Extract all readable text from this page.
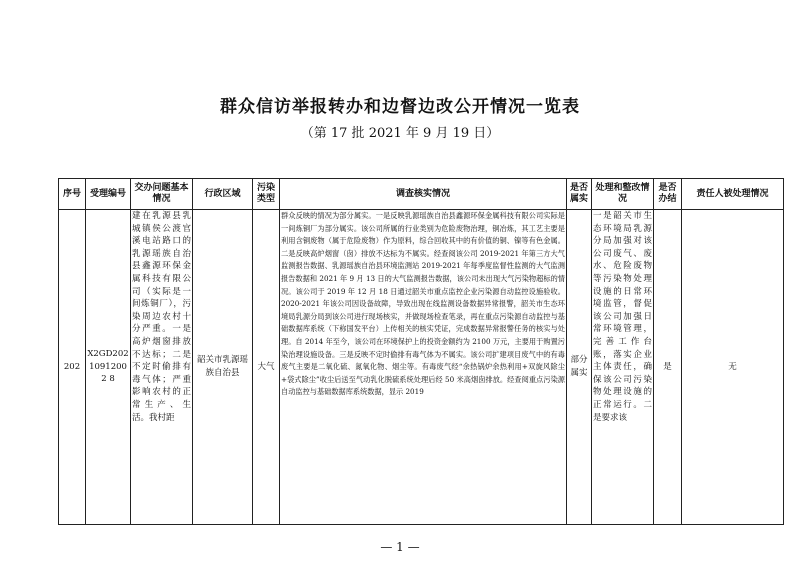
群众信访举报转办和边督边改公开情况一览表
（第 17 批 2021 年 9 月 19 日）
序号	受理编号	交办问题基本情况	行政区域	污染类型	调查核实情况	是否属实	处理和整改情况	是否办结	责任人被处理情况
202	X2GD20210912002 8	建在乳源县乳城镇侯公渡官溪电站路口的乳源瑶族自治县鑫源环保金属科技有限公司（实际是一间炼铜厂），污染周边农村十分严重。一是高炉烟窗排放不达标；二是不定时偷排有毒气体；严重影响农村的正常生产、生活。我村距	韶关市乳源瑶族自治县	大气	群众反映的情况为部分属实。一是反映乳源瑶族自治县鑫源环保金属科技有限公司实际是一间炼铜厂为部分属实。该公司所属的行业类别为危险废物治理，铜冶炼，其工艺主要是利用含铜废物（属于危险废物）作为原料，综合回收其中的有价值的铜、镍等有色金属。二是反映高炉烟窗（囱）排放不达标为不属实。经查阅该公司 2019-2021 年第三方大气监测报告数据、乳源瑶族自治县环境监测站 2019-2021 年每季度监督性监测的大气监测报告数据和 2021 年 9 月 13 日的大气监测报告数据，该公司未出现大气污染物超标的情况。该公司于 2019 年 12 月 18 日通过韶关市重点监控企业污染源自动监控设施验收。2020-2021 年该公司因设备故障，导致出现在线监测设备数据异常报警，韶关市生态环境局乳源分局到该公司进行现场核实，并做现场检查笔录，再在重点污染源自动监控与基础数据库系统（下称国发平台）上传相关的核实凭证，完成数据异常报警任务的核实与处理。自 2014 年至今，该公司在环境保护上的投资金额约为 2100 万元，主要用于购置污染治理设施设备。三是反映不定时偷排有毒气体为不属实。该公司扩建项目废气中的有毒废气主要是二氧化硫、氮氧化物、烟尘等。有毒废气经“余热锅炉余热利用+双旋风除尘+袋式除尘”收尘后送至气动乳化脱硫系统处理后经 50 米高烟囱排放。经查阅重点污染源自动监控与基础数据库系统数据，显示 2019	部分属实	一是韶关市生态环境局乳源分局加强对该公司废气、废水、危险废物等污染物处理设施的日常环境监管，督促该公司加强日常环境管理，完善工作台账，落实企业主体责任，确保该公司污染物处理设施的正常运行。二是要求该	是	无
— 1 —
